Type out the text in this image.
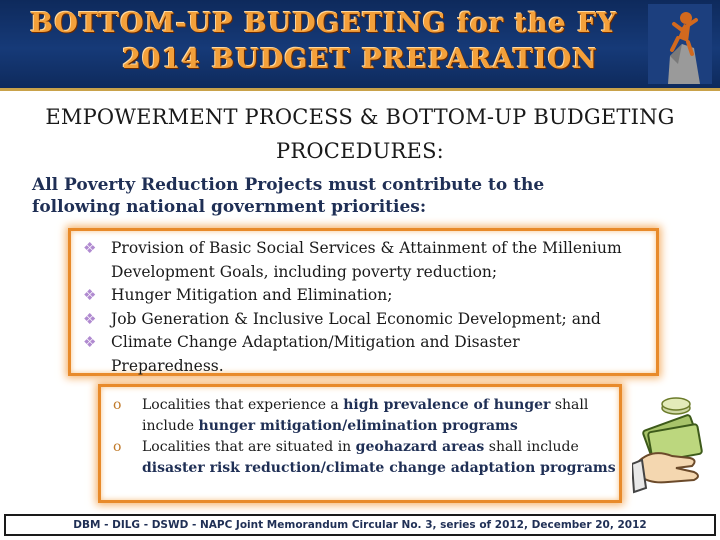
BOTTOM-UP BUDGETING for the FY
2014 BUDGET PREPARATION
EMPOWERMENT PROCESS & BOTTOM-UP BUDGETING
PROCEDURES:
All Poverty Reduction Projects must contribute to the
following national government priorities:
❖ Provision of Basic Social Services & Attainment of the Millenium
Development Goals, including poverty reduction;
❖ Hunger Mitigation and Elimination;
❖ Job Generation & Inclusive Local Economic Development; and
❖ Climate Change Adaptation/Mitigation and Disaster
Preparedness.
o Localities that experience a high prevalence of hunger shall include hunger mitigation/elimination programs
o Localities that are situated in geohazard areas shall include disaster risk reduction/climate change adaptation programs
DBM - DILG - DSWD - NAPC Joint Memorandum Circular No. 3, series of 2012, December 20, 2012
